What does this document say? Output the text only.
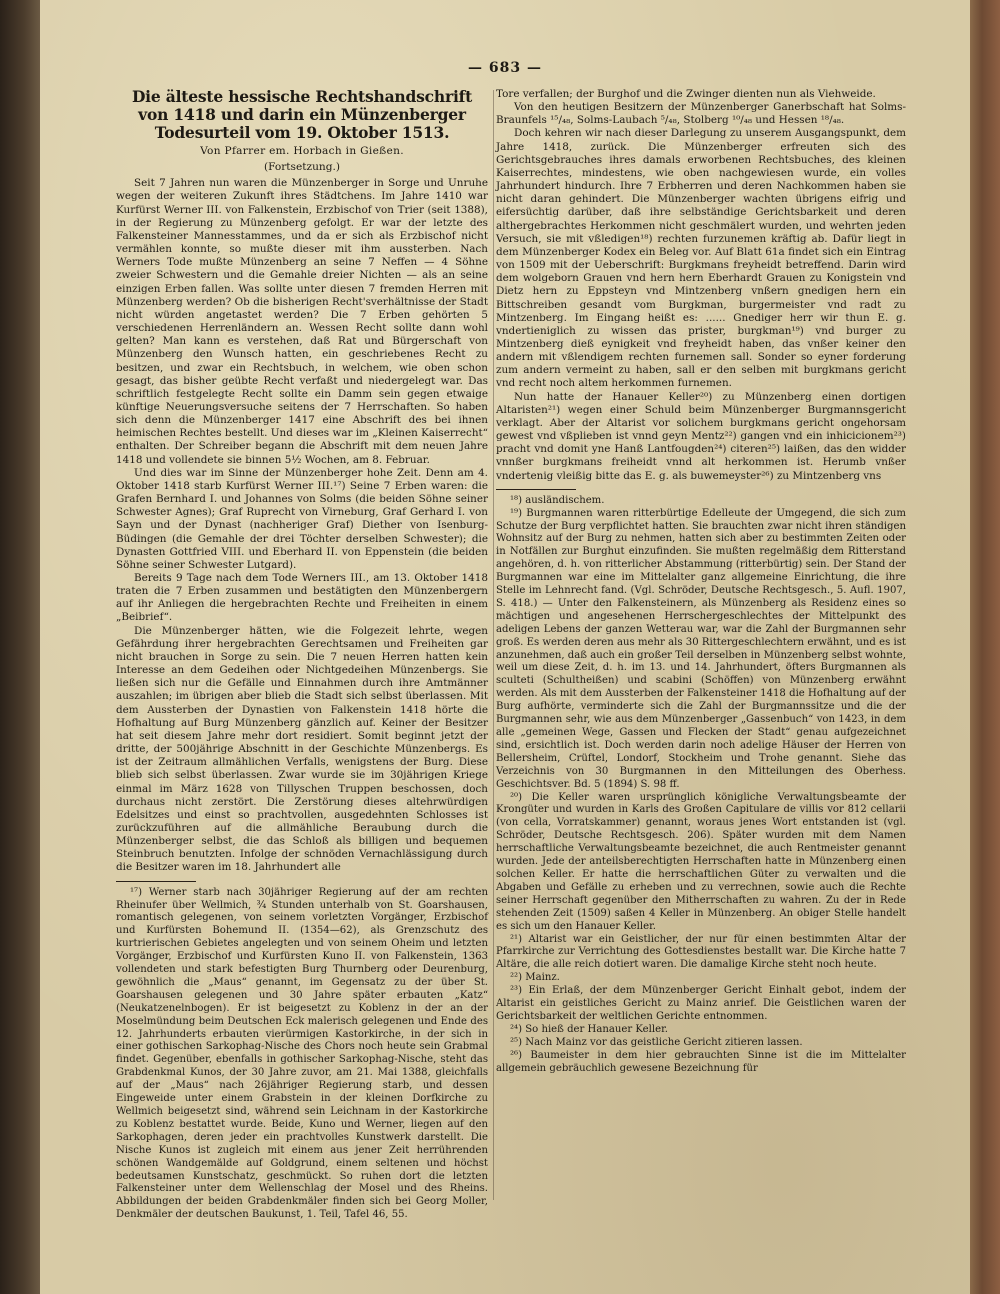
— 683 —
Die älteste hessische Rechtshandschrift von 1418 und darin ein Münzenberger Todesurteil vom 19. Oktober 1513.
Von Pfarrer em. Horbach in Gießen.
(Fortsetzung.)

Seit 7 Jahren nun waren die Münzenberger in Sorge und Unruhe wegen der weiteren Zukunft ihres Städtchens. Im Jahre 1410 war Kurfürst Werner III. von Falkenstein, Erzbischof von Trier (seit 1388), in der Regierung zu Münzenberg gefolgt. Er war der letzte des Falkensteiner Mannesstammes, und da er sich als Erzbischof nicht vermählen konnte, so mußte dieser mit ihm aussterben. Nach Werners Tode mußte Münzenberg an seine 7 Neffen — 4 Söhne zweier Schwestern und die Gemahle dreier Nichten — als an seine einzigen Erben fallen. Was sollte unter diesen 7 fremden Herren mit Münzenberg werden? Ob die bisherigen Recht'sverhältnisse der Stadt nicht würden angetastet werden? Die 7 Erben gehörten 5 verschiedenen Herrenländern an. Wessen Recht sollte dann wohl gelten? Man kann es verstehen, daß Rat und Bürgerschaft von Münzenberg den Wunsch hatten, ein geschriebenes Recht zu besitzen, und zwar ein Rechtsbuch, in welchem, wie oben schon gesagt, das bisher geübte Recht verfaßt und niedergelegt war. Das schriftlich festgelegte Recht sollte ein Damm sein gegen etwaige künftige Neuerungsversuche seitens der 7 Herrschaften. So haben sich denn die Münzenberger 1417 eine Abschrift des bei ihnen heimischen Rechtes bestellt. Und dieses war im „Kleinen Kaiserrecht“ enthalten. Der Schreiber begann die Abschrift mit dem neuen Jahre 1418 und vollendete sie binnen 5½ Wochen, am 8. Februar.

Und dies war im Sinne der Münzenberger hohe Zeit. Denn am 4. Oktober 1418 starb Kurfürst Werner III.¹⁷) Seine 7 Erben waren: die Grafen Bernhard I. und Johannes von Solms (die beiden Söhne seiner Schwester Agnes); Graf Ruprecht von Virneburg, Graf Gerhard I. von Sayn und der Dynast (nachheriger Graf) Diether von Isenburg-Büdingen (die Gemahle der drei Töchter derselben Schwester); die Dynasten Gottfried VIII. und Eberhard II. von Eppenstein (die beiden Söhne seiner Schwester Lutgard).

Bereits 9 Tage nach dem Tode Werners III., am 13. Oktober 1418 traten die 7 Erben zusammen und bestätigten den Münzenbergern auf ihr Anliegen die hergebrachten Rechte und Freiheiten in einem „Beibrief“.

Die Münzenberger hätten, wie die Folgezeit lehrte, wegen Gefährdung ihrer hergebrachten Gerechtsamen und Freiheiten gar nicht brauchen in Sorge zu sein. Die 7 neuen Herren hatten kein Interesse an dem Gedeihen oder Nichtgedeihen Münzenbergs. Sie ließen sich nur die Gefälle und Einnahmen durch ihre Amtmänner auszahlen; im übrigen aber blieb die Stadt sich selbst überlassen. Mit dem Aussterben der Dynastien von Falkenstein 1418 hörte die Hofhaltung auf Burg Münzenberg gänzlich auf. Keiner der Besitzer hat seit diesem Jahre mehr dort residiert. Somit beginnt jetzt der dritte, der 500jährige Abschnitt in der Geschichte Münzenbergs. Es ist der Zeitraum allmählichen Verfalls, wenigstens der Burg. Diese blieb sich selbst überlassen. Zwar wurde sie im 30jährigen Kriege einmal im März 1628 von Tillyschen Truppen beschossen, doch durchaus nicht zerstört. Die Zerstörung dieses altehrwürdigen Edelsitzes und einst so prachtvollen, ausgedehnten Schlosses ist zurückzuführen auf die allmähliche Beraubung durch die Münzenberger selbst, die das Schloß als billigen und bequemen Steinbruch benutzten. Infolge der schnöden Vernachlässigung durch die Besitzer waren im 18. Jahrhundert alle

¹⁷) Werner starb nach 30jähriger Regierung auf der am rechten Rheinufer über Wellmich, ¾ Stunden unterhalb von St. Goarshausen, romantisch gelegenen, von seinem vorletzten Vorgänger, Erzbischof und Kurfürsten Bohemund II. (1354—62), als Grenzschutz des kurtrierischen Gebietes angelegten und von seinem Oheim und letzten Vorgänger, Erzbischof und Kurfürsten Kuno II. von Falkenstein, 1363 vollendeten und stark befestigten Burg Thurnberg oder Deurenburg, gewöhnlich die „Maus“ genannt, im Gegensatz zu der über St. Goarshausen gelegenen und 30 Jahre später erbauten „Katz“ (Neukatzenelnbogen). Er ist beigesetzt zu Koblenz in der an der Moselmündung beim Deutschen Eck malerisch gelegenen und Ende des 12. Jahrhunderts erbauten vierürmigen Kastorkirche, in der sich in einer gothischen Sarkophag-Nische des Chors noch heute sein Grabmal findet. Gegenüber, ebenfalls in gothischer Sarkophag-Nische, steht das Grabdenkmal Kunos, der 30 Jahre zuvor, am 21. Mai 1388, gleichfalls auf der „Maus“ nach 26jähriger Regierung starb, und dessen Eingeweide unter einem Grabstein in der kleinen Dorfkirche zu Wellmich beigesetzt sind, während sein Leichnam in der Kastorkirche zu Koblenz bestattet wurde. Beide, Kuno und Werner, liegen auf den Sarkophagen, deren jeder ein prachtvolles Kunstwerk darstellt. Die Nische Kunos ist zugleich mit einem aus jener Zeit herrührenden schönen Wandgemälde auf Goldgrund, einem seltenen und höchst bedeutsamen Kunstschatz, geschmückt. So ruhen dort die letzten Falkensteiner unter dem Wellenschlag der Mosel und des Rheins. Abbildungen der beiden Grabdenkmäler finden sich bei Georg Moller, Denkmäler der deutschen Baukunst, 1. Teil, Tafel 46, 55.

Tore verfallen; der Burghof und die Zwinger dienten nun als Viehweide.

Von den heutigen Besitzern der Münzenberger Ganerbschaft hat Solms-Braunfels ¹⁵/₄₈, Solms-Laubach ⁵/₄₈, Stolberg ¹⁰/₄₈ und Hessen ¹⁸/₄₈.

Doch kehren wir nach dieser Darlegung zu unserem Ausgangspunkt, dem Jahre 1418, zurück. Die Münzenberger erfreuten sich des Gerichtsgebrauches ihres damals erworbenen Rechtsbuches, des kleinen Kaiserrechtes, mindestens, wie oben nachgewiesen wurde, ein volles Jahrhundert hindurch. Ihre 7 Erbherren und deren Nachkommen haben sie nicht daran gehindert. Die Münzenberger wachten übrigens eifrig und eifersüchtig darüber, daß ihre selbständige Gerichtsbarkeit und deren althergebrachtes Herkommen nicht geschmälert wurden, und wehrten jeden Versuch, sie mit vßledigen¹⁸) rechten furzunemen kräftig ab. Dafür liegt in dem Münzenberger Kodex ein Beleg vor. Auf Blatt 61a findet sich ein Eintrag von 1509 mit der Ueberschrift: Burgkmans freyheidt betreffend. Darin wird dem wolgeborn Grauen vnd hern hern Eberhardt Grauen zu Konigstein vnd Dietz hern zu Eppsteyn vnd Mintzenberg vnßern gnedigen hern ein Bittschreiben gesandt vom Burgkman, burgermeister vnd radt zu Mintzenberg. Im Eingang heißt es: ...... Gnediger herr wir thun E. g. vndertieniglich zu wissen das prister, burgkman¹⁹) vnd burger zu Mintzenberg dieß eynigkeit vnd freyheidt haben, das vnßer keiner den andern mit vßlendigem rechten furnemen sall. Sonder so eyner forderung zum andern vermeint zu haben, sall er den selben mit burgkmans gericht vnd recht noch altem herkommen furnemen.

Nun hatte der Hanauer Keller²⁰) zu Münzenberg einen dortigen Altaristen²¹) wegen einer Schuld beim Münzenberger Burgmannsgericht verklagt. Aber der Altarist vor solichem burgkmans gericht ongehorsam gewest vnd vßplieben ist vnnd geyn Mentz²²) gangen vnd ein inhicicionem²³) pracht vnd domit yne Hanß Lantfougden²⁴) citeren²⁵) laißen, das den widder vnnßer burgkmans freiheidt vnnd alt herkommen ist. Herumb vnßer vndertenig vleißig bitte das E. g. als buwemeyster²⁶) zu Mintzenberg vns

¹⁸) ausländischem.

¹⁹) Burgmannen waren ritterbürtige Edelleute der Umgegend, die sich zum Schutze der Burg verpflichtet hatten. Sie brauchten zwar nicht ihren ständigen Wohnsitz auf der Burg zu nehmen, hatten sich aber zu bestimmten Zeiten oder in Notfällen zur Burghut einzufinden. Sie mußten regelmäßig dem Ritterstand angehören, d. h. von ritterlicher Abstammung (ritterbürtig) sein. Der Stand der Burgmannen war eine im Mittelalter ganz allgemeine Einrichtung, die ihre Stelle im Lehnrecht fand. (Vgl. Schröder, Deutsche Rechtsgesch., 5. Aufl. 1907, S. 418.) — Unter den Falkensteinern, als Münzenberg als Residenz eines so mächtigen und angesehenen Herrschergeschlechtes der Mittelpunkt des adeligen Lebens der ganzen Wetterau war, war die Zahl der Burgmannen sehr groß. Es werden deren aus mehr als 30 Rittergeschlechtern erwähnt, und es ist anzunehmen, daß auch ein großer Teil derselben in Münzenberg selbst wohnte, weil um diese Zeit, d. h. im 13. und 14. Jahrhundert, öfters Burgmannen als sculteti (Schultheißen) und scabini (Schöffen) von Münzenberg erwähnt werden. Als mit dem Aussterben der Falkensteiner 1418 die Hofhaltung auf der Burg aufhörte, verminderte sich die Zahl der Burgmannssitze und die der Burgmannen sehr, wie aus dem Münzenberger „Gassenbuch“ von 1423, in dem alle „gemeinen Wege, Gassen und Flecken der Stadt“ genau aufgezeichnet sind, ersichtlich ist. Doch werden darin noch adelige Häuser der Herren von Bellersheim, Crüftel, Londorf, Stockheim und Trohe genannt. Siehe das Verzeichnis von 30 Burgmannen in den Mitteilungen des Oberhess. Geschichtsver. Bd. 5 (1894) S. 98 ff.

²⁰) Die Keller waren ursprünglich königliche Verwaltungsbeamte der Krongüter und wurden in Karls des Großen Capitulare de villis vor 812 cellarii (von cella, Vorratskammer) genannt, woraus jenes Wort entstanden ist (vgl. Schröder, Deutsche Rechtsgesch. 206). Später wurden mit dem Namen herrschaftliche Verwaltungsbeamte bezeichnet, die auch Rentmeister genannt wurden. Jede der anteilsberechtigten Herrschaften hatte in Münzenberg einen solchen Keller. Er hatte die herrschaftlichen Güter zu verwalten und die Abgaben und Gefälle zu erheben und zu verrechnen, sowie auch die Rechte seiner Herrschaft gegenüber den Mitherrschaften zu wahren. Zu der in Rede stehenden Zeit (1509) saßen 4 Keller in Münzenberg. An obiger Stelle handelt es sich um den Hanauer Keller.

²¹) Altarist war ein Geistlicher, der nur für einen bestimmten Altar der Pfarrkirche zur Verrichtung des Gottesdienstes bestallt war. Die Kirche hatte 7 Altäre, die alle reich dotiert waren. Die damalige Kirche steht noch heute.

²²) Mainz.

²³) Ein Erlaß, der dem Münzenberger Gericht Einhalt gebot, indem der Altarist ein geistliches Gericht zu Mainz anrief. Die Geistlichen waren der Gerichtsbarkeit der weltlichen Gerichte entnommen.

²⁴) So hieß der Hanauer Keller.

²⁵) Nach Mainz vor das geistliche Gericht zitieren lassen.

²⁶) Baumeister in dem hier gebrauchten Sinne ist die im Mittelalter allgemein gebräuchlich gewesene Bezeichnung für
